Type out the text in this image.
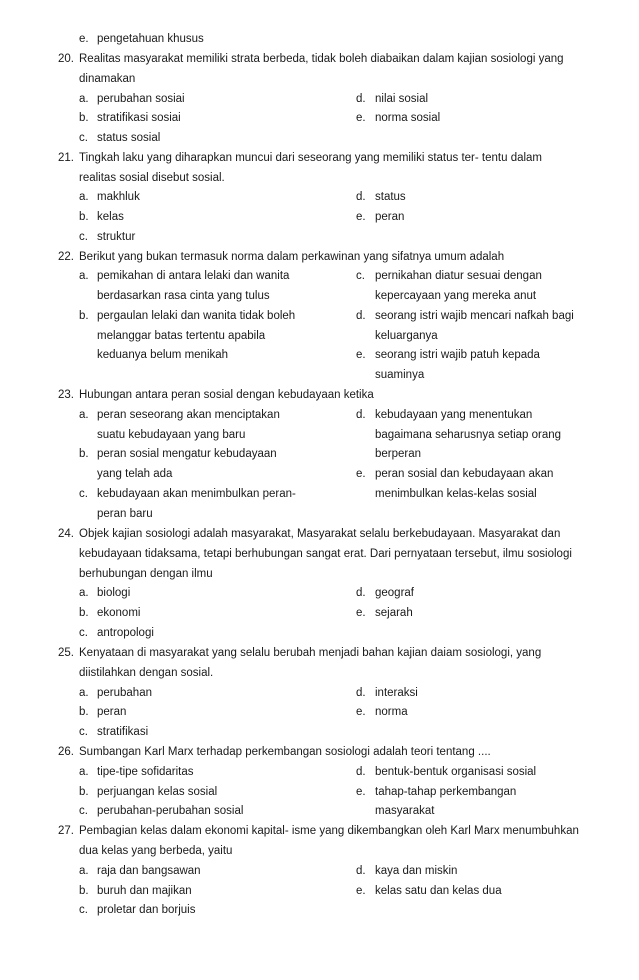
e. pengetahuan khusus
20. Realitas masyarakat memiliki strata berbeda, tidak boleh diabaikan dalam kajian sosiologi yang
dinamakan
a. perubahan sosiai
b. stratifikasi sosiai
c. status sosial
d. nilai sosial
e. norma sosial
21. Tingkah laku yang diharapkan muncui dari seseorang yang memiliki status ter- tentu dalam
realitas sosial disebut sosial.
a. makhluk
b. kelas
c. struktur
d. status
e. peran
22. Berikut yang bukan termasuk norma dalam perkawinan yang sifatnya umum adalah
a. pemikahan di antara lelaki dan wanita
berdasarkan rasa cinta yang tulus
b. pergaulan lelaki dan wanita tidak boleh
melanggar batas tertentu apabila
keduanya belum menikah
c. pernikahan diatur sesuai dengan
kepercayaan yang mereka anut
d. seorang istri wajib mencari nafkah bagi
keluarganya
e. seorang istri wajib patuh kepada
suaminya
23. Hubungan antara peran sosial dengan kebudayaan ketika
a. peran seseorang akan menciptakan
suatu kebudayaan yang baru
b. peran sosial mengatur kebudayaan
yang telah ada
c. kebudayaan akan menimbulkan peran-
peran baru
d. kebudayaan yang menentukan
bagaimana seharusnya setiap orang
berperan
e. peran sosial dan kebudayaan akan
menimbulkan kelas-kelas sosial
24. Objek kajian sosiologi adalah masyarakat, Masyarakat selalu berkebudayaan. Masyarakat dan
kebudayaan tidaksama, tetapi berhubungan sangat erat. Dari pernyataan tersebut, ilmu sosiologi
berhubungan dengan ilmu
a. biologi
b. ekonomi
c. antropologi
d. geograf
e. sejarah
25. Kenyataan di masyarakat yang selalu berubah menjadi bahan kajian daiam sosiologi, yang
diistilahkan dengan sosial.
a. perubahan
b. peran
c. stratifikasi
d. interaksi
e. norma
26. Sumbangan Karl Marx terhadap perkembangan sosiologi adalah teori tentang ....
a. tipe-tipe sofidaritas
b. perjuangan kelas sosial
c. perubahan-perubahan sosial
d. bentuk-bentuk organisasi sosial
e. tahap-tahap perkembangan
masyarakat
27. Pembagian kelas dalam ekonomi kapital- isme yang dikembangkan oleh Karl Marx menumbuhkan
dua kelas yang berbeda, yaitu
a. raja dan bangsawan
b. buruh dan majikan
c. proletar dan borjuis
d. kaya dan miskin
e. kelas satu dan kelas dua
